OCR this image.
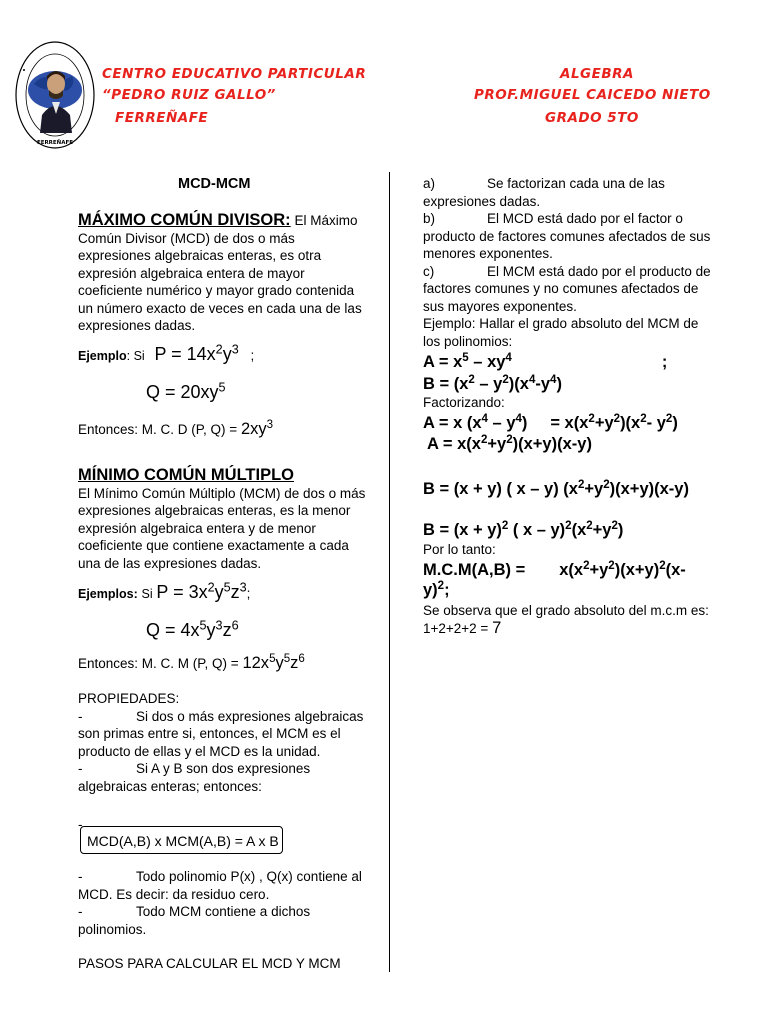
FERREÑAFE
CENTRO EDUCATIVO PARTICULAR
“PEDRO RUIZ GALLO”
FERREÑAFE
ALGEBRA
PROF.MIGUEL CAICEDO NIETO
GRADO 5TO
MCD-MCM

MÁXIMO COMÚN DIVISOR: El Máximo Común Divisor (MCD) de dos o más expresiones algebraicas enteras, es otra expresión algebraica entera de mayor coeficiente numérico y mayor grado contenida un número exacto de veces en cada una de las expresiones dadas.

Ejemplo: Si $P = 14x^2y^3$ ;
$Q = 20xy^5$
Entonces: M. C. D (P, $Q) = 2xy^3$

MÍNIMO COMÚN MÚLTIPLO

El Mínimo Común Múltiplo (MCM) de dos o más expresiones algebraicas enteras, es la menor expresión algebraica entera y de menor coeficiente que contiene exactamente a cada una de las expresiones dadas.

Ejemplos: Si $P = 3x^2y^5z^3$;
$Q = 4x^5y^3z^6$
Entonces: M. C. M (P, $Q) = 12x^5y^5z^6$

PROPIEDADES:

-	Si dos o más expresiones algebraicas son primas entre si, entonces, el MCM es el producto de ellas y el MCD es la unidad.

-	Si A y B son dos expresiones algebraicas enteras; entonces:

-
MCD(A,B) x MCM(A,B) = A x B

-	Todo polinomio P(x) , Q(x) contiene al MCD. Es decir: da residuo cero.

-	Todo MCM contiene a dichos polinomios.

PASOS PARA CALCULAR EL MCD Y MCM

a)	Se factorizan cada una de las expresiones dadas.

b)	El MCD está dado por el factor o producto de factores comunes afectados de sus menores exponentes.

c)	El MCM está dado por el producto de factores comunes y no comunes afectados de sus mayores exponentes.

Ejemplo: Hallar el grado absoluto del MCM de los polinomios:

$A = x^5 - xy^4$	;
$B = (x^2 - y^2)(x^4-y^4)$
Factorizando:
A = x $(x^4 - y^4)$     = $x(x^2+y^2)(x^2-$ $y^2$)
$A = x(x^2+y^2)(x+y)(x-y)$
B = (x + y) ( x – y) $(x^2+y^2)(x+y)(x-y)$
$B = (x + y)^2$ ( $x - y)^2(x^2+y^2)$
Por lo tanto:
$M.C.M(A,B) = x(x^2+y^2)(x+y)^2(x-$
y)$^2$;

Se observa que el grado absoluto del m.c.m es: 1+2+2+2 = 7
